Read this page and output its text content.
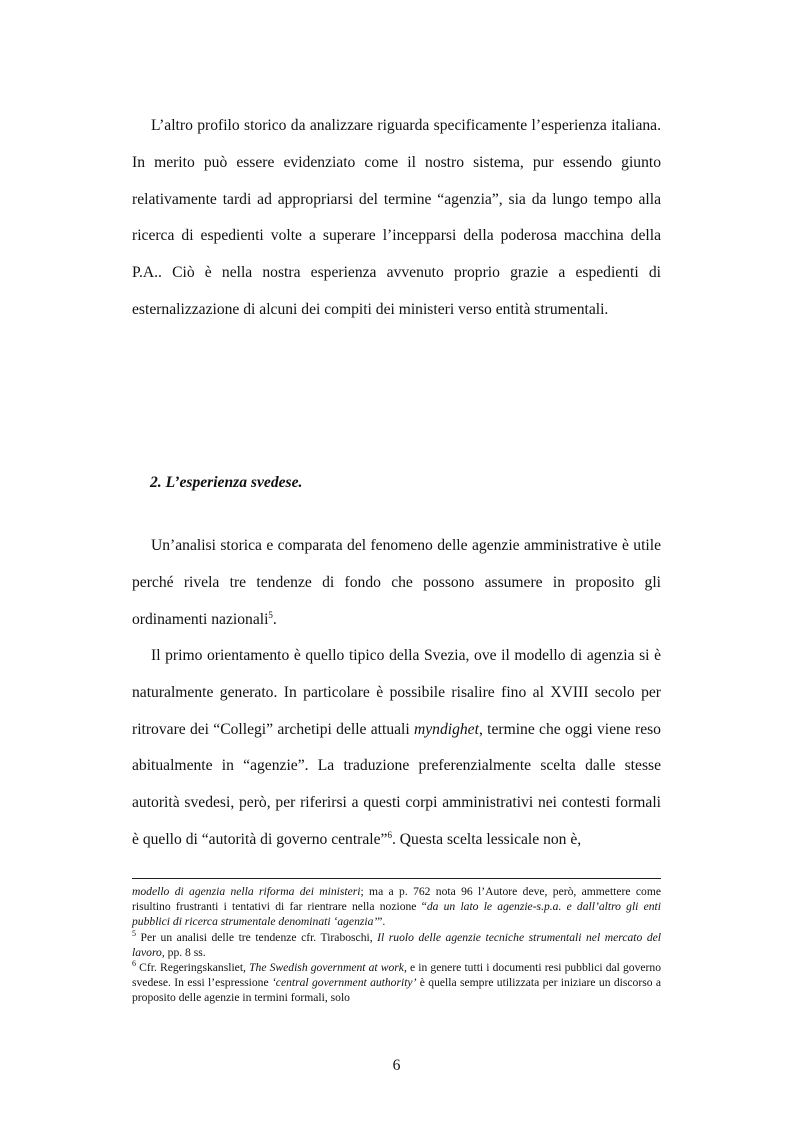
L’altro profilo storico da analizzare riguarda specificamente l’esperienza italiana. In merito può essere evidenziato come il nostro sistema, pur essendo giunto relativamente tardi ad appropriarsi del termine “agenzia”, sia da lungo tempo alla ricerca di espedienti volte a superare l’incepparsi della poderosa macchina della P.A.. Ciò è nella nostra esperienza avvenuto proprio grazie a espedienti di esternalizzazione di alcuni dei compiti dei ministeri verso entità strumentali.

2. L’esperienza svedese.

Un’analisi storica e comparata del fenomeno delle agenzie amministrative è utile perché rivela tre tendenze di fondo che possono assumere in proposito gli ordinamenti nazionali$^5$.

Il primo orientamento è quello tipico della Svezia, ove il modello di agenzia si è naturalmente generato. In particolare è possibile risalire fino al XVIII secolo per ritrovare dei “Collegi” archetipi delle attuali myndighet, termine che oggi viene reso abitualmente in “agenzie”. La traduzione preferenzialmente scelta dalle stesse autorità svedesi, però, per riferirsi a questi corpi amministrativi nei contesti formali è quello di “autorità di governo centrale”$^6$. Questa scelta lessicale non è,

modello di agenzia nella riforma dei ministeri; ma a p. 762 nota 96 l’Autore deve, però, ammettere come risultino frustranti i tentativi di far rientrare nella nozione “da un lato le agenzie-s.p.a. e dall’altro gli enti pubblici di ricerca strumentale denominati ‘agenzia’”.

$^5$ Per un analisi delle tre tendenze cfr. Tiraboschi, Il ruolo delle agenzie tecniche strumentali nel mercato del lavoro, pp. 8 ss.

$^6$ Cfr. Regeringskansliet, The Swedish government at work, e in genere tutti i documenti resi pubblici dal governo svedese. In essi l’espressione ‘central government authority’ è quella sempre utilizzata per iniziare un discorso a proposito delle agenzie in termini formali, solo

6
